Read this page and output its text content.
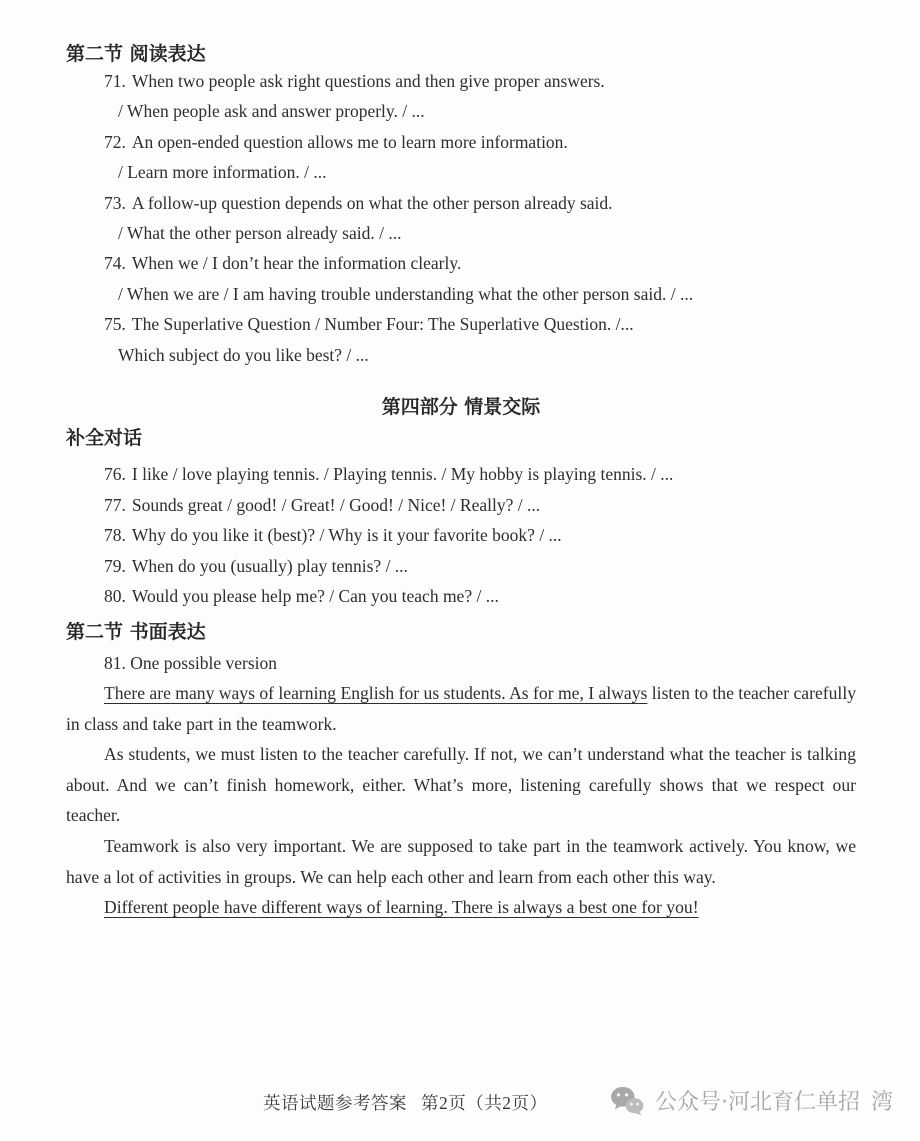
第二节 阅读表达
71. When two people ask right questions and then give proper answers.
/ When people ask and answer properly. / ...
72. An open-ended question allows me to learn more information.
/ Learn more information. / ...
73. A follow-up question depends on what the other person already said.
/ What the other person already said. / ...
74. When we / I don’t hear the information clearly.
/ When we are / I am having trouble understanding what the other person said. / ...
75. The Superlative Question / Number Four: The Superlative Question. /...
Which subject do you like best? / ...
第四部分 情景交际
补全对话
76. I like / love playing tennis. / Playing tennis. / My hobby is playing tennis. / ...
77. Sounds great / good! / Great! / Good! / Nice! / Really? / ...
78. Why do you like it (best)? / Why is it your favorite book? / ...
79. When do you (usually) play tennis? / ...
80. Would you please help me? / Can you teach me? / ...
第二节 书面表达
81. One possible version

There are many ways of learning English for us students. As for me, I always listen to the teacher carefully in class and take part in the teamwork.

As students, we must listen to the teacher carefully. If not, we can’t understand what the teacher is talking about. And we can’t finish homework, either. What’s more, listening carefully shows that we respect our teacher.

Teamwork is also very important. We are supposed to take part in the teamwork actively. You know, we have a lot of activities in groups. We can help each other and learn from each other this way.

Different people have different ways of learning. There is always a best one for you!

英语试题参考答案 第2页（共2页）	公众号·河北育仁单招 湾
